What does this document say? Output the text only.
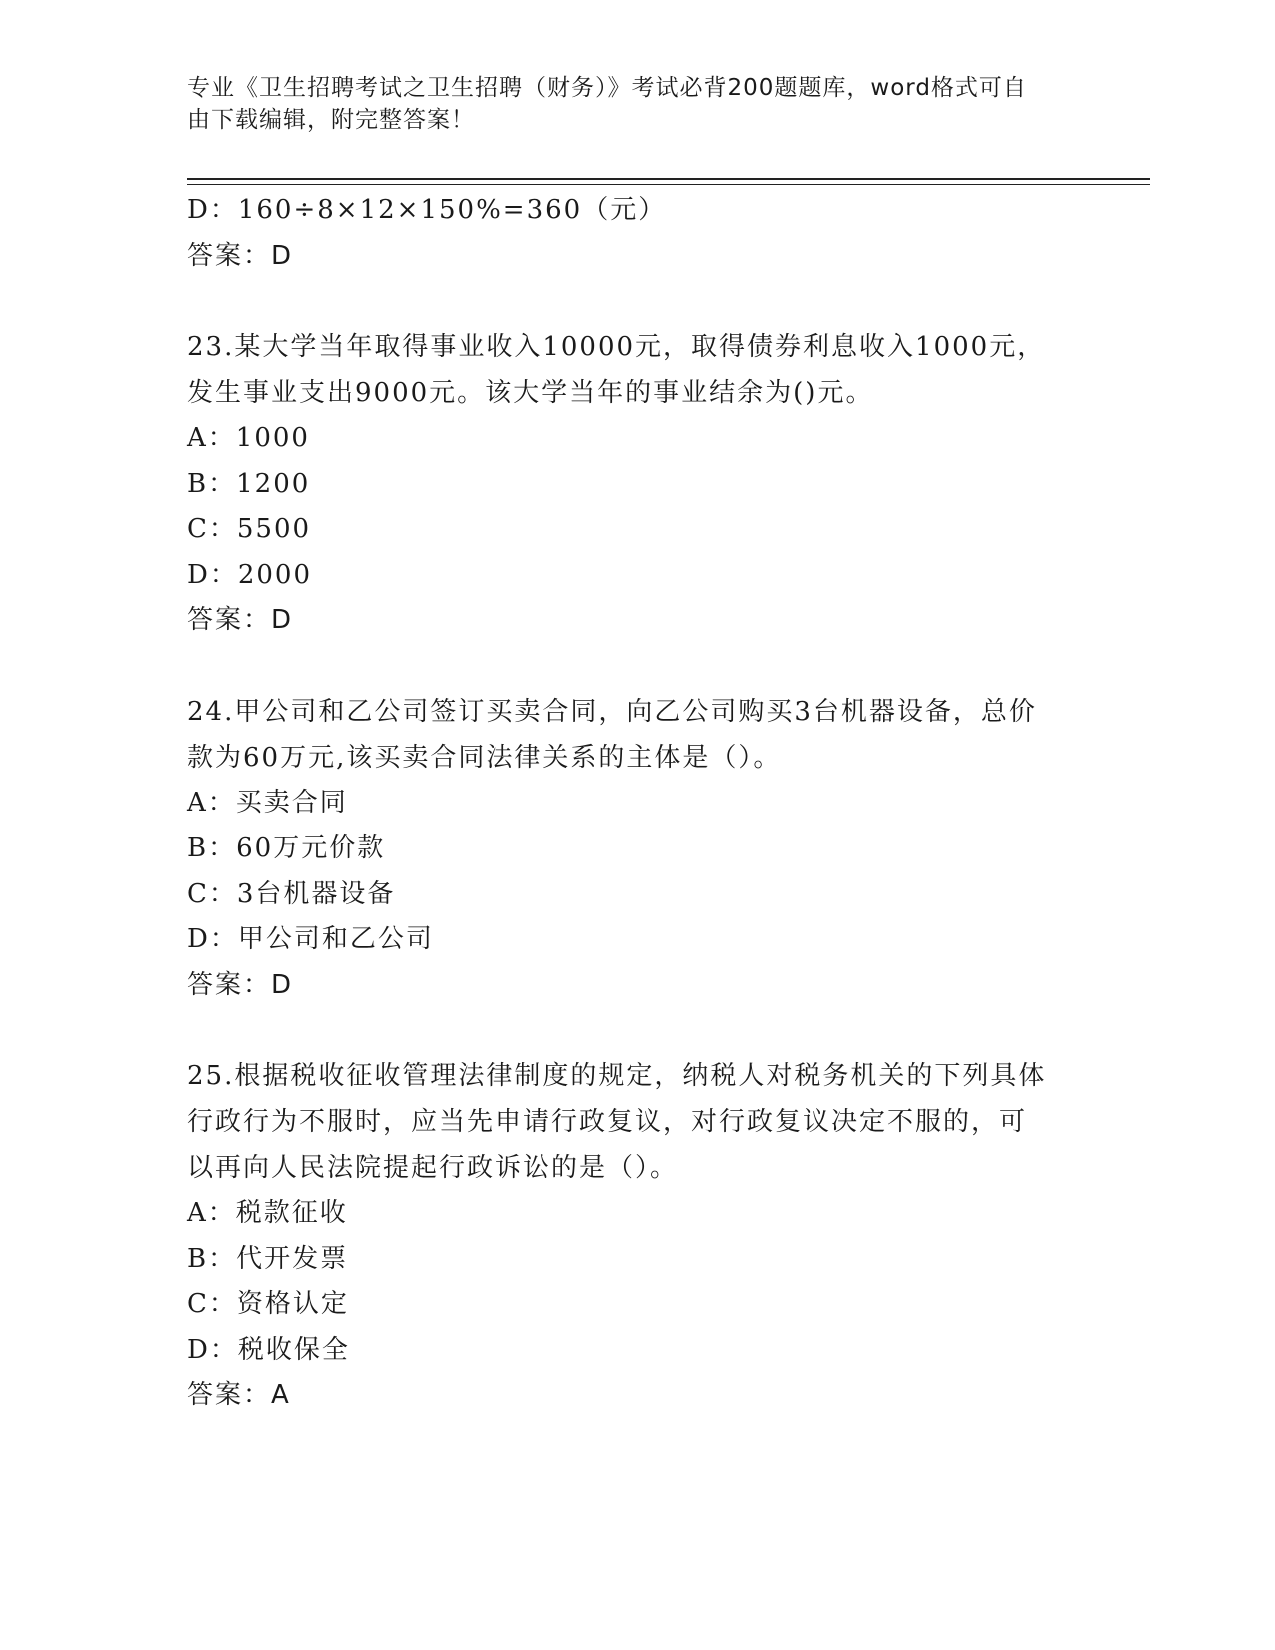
专业《卫生招聘考试之卫生招聘（财务）》考试必背200题题库，word格式可自
由下载编辑，附完整答案！
D：160÷8×12×150%=360（元）
答案：D
23.某大学当年取得事业收入10000元，取得债券利息收入1000元，
发生事业支出9000元。该大学当年的事业结余为()元。
A：1000
B：1200
C：5500
D：2000
答案：D
24.甲公司和乙公司签订买卖合同，向乙公司购买3台机器设备，总价
款为60万元,该买卖合同法律关系的主体是（）。
A：买卖合同
B：60万元价款
C：3台机器设备
D：甲公司和乙公司
答案：D
25.根据税收征收管理法律制度的规定，纳税人对税务机关的下列具体
行政行为不服时，应当先申请行政复议，对行政复议决定不服的，可
以再向人民法院提起行政诉讼的是（）。
A：税款征收
B：代开发票
C：资格认定
D：税收保全
答案：A
